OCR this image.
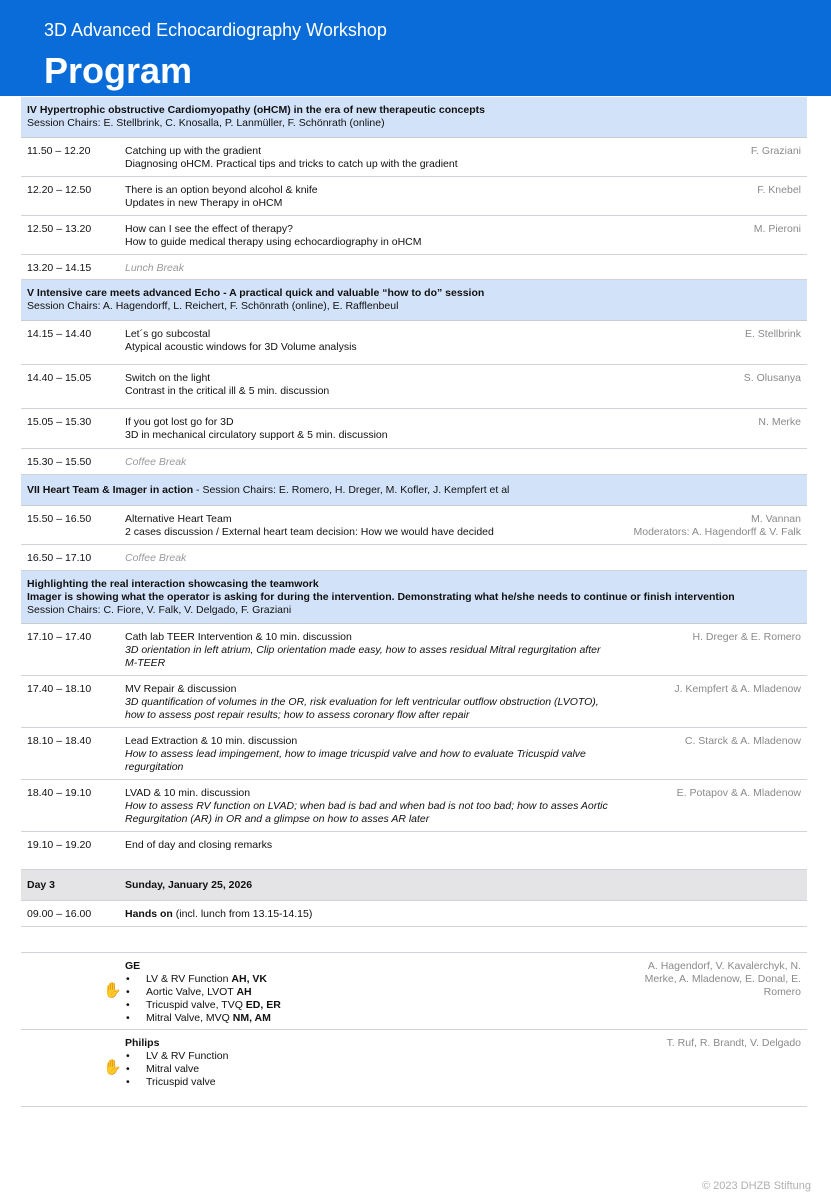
3D Advanced Echocardiography Workshop
Program
IV Hypertrophic obstructive Cardiomyopathy (oHCM) in the era of new therapeutic concepts
Session Chairs: E. Stellbrink, C. Knosalla, P. Lanmüller, F. Schönrath (online)
11.50 – 12.20	Catching up with the gradient
Diagnosing oHCM. Practical tips and tricks to catch up with the gradient
F. Graziani
12.20 – 12.50	There is an option beyond alcohol & knife
Updates in new Therapy in oHCM
F. Knebel
12.50 – 13.20	How can I see the effect of therapy?
How to guide medical therapy using echocardiography in oHCM
M. Pieroni
13.20 – 14.15	Lunch Break
V Intensive care meets advanced Echo - A practical quick and valuable “how to do” session
Session Chairs: A. Hagendorff, L. Reichert, F. Schönrath (online), E. Rafflenbeul
14.15 – 14.40	Let´s go subcostal
Atypical acoustic windows for 3D Volume analysis
E. Stellbrink
14.40 – 15.05	Switch on the light
Contrast in the critical ill & 5 min. discussion
S. Olusanya
15.05 – 15.30	If you got lost go for 3D
3D in mechanical circulatory support & 5 min. discussion
N. Merke
15.30 – 15.50	Coffee Break
VII Heart Team & Imager in action - Session Chairs: E. Romero, H. Dreger, M. Kofler, J. Kempfert et al
15.50 – 16.50	Alternative Heart Team
2 cases discussion / External heart team decision: How we would have decided
M. Vannan
Moderators: A. Hagendorff & V. Falk
16.50 – 17.10	Coffee Break
Highlighting the real interaction showcasing the teamwork
Imager is showing what the operator is asking for during the intervention. Demonstrating what he/she needs to continue or finish intervention
Session Chairs: C. Fiore, V. Falk, V. Delgado, F. Graziani
17.10 – 17.40	Cath lab TEER Intervention & 10 min. discussion
3D orientation in left atrium, Clip orientation made easy, how to asses residual Mitral regurgitation after
M-TEER
H. Dreger & E. Romero
17.40 – 18.10	MV Repair & discussion
3D quantification of volumes in the OR, risk evaluation for left ventricular outflow obstruction (LVOTO),
how to assess post repair results; how to assess coronary flow after repair
J. Kempfert & A. Mladenow
18.10 – 18.40	Lead Extraction & 10 min. discussion
How to assess lead impingement, how to image tricuspid valve and how to evaluate Tricuspid valve
regurgitation
C. Starck & A. Mladenow
18.40 – 19.10	LVAD & 10 min. discussion
How to assess RV function on LVAD; when bad is bad and when bad is not too bad; how to asses Aortic
Regurgitation (AR) in OR and a glimpse on how to asses AR later
E. Potapov & A. Mladenow
19.10 – 19.20	End of day and closing remarks
Day 3	Sunday, January 25, 2026
09.00 – 16.00	Hands on (incl. lunch from 13.15-14.15)
✋
GE
•	LV & RV Function AH, VK
•	Aortic Valve, LVOT AH
•	Tricuspid valve, TVQ ED, ER
•	Mitral Valve, MVQ NM, AM
A. Hagendorf, V. Kavalerchyk, N.
Merke, A. Mladenow, E. Donal, E.
Romero
✋
Philips
•	LV & RV Function
•	Mitral valve
•	Tricuspid valve
T. Ruf, R. Brandt, V. Delgado
© 2023 DHZB Stiftung
